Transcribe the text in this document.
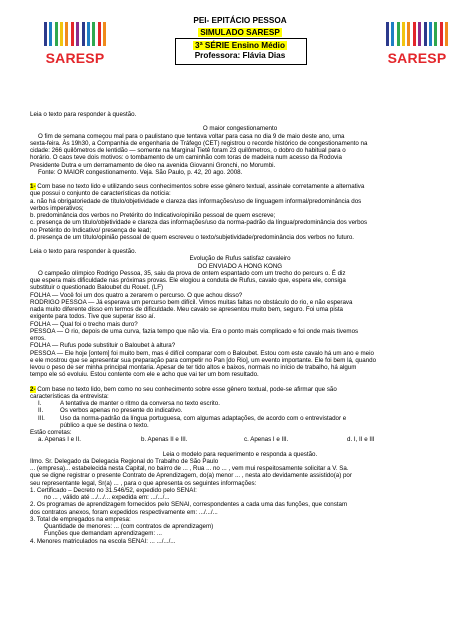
SARESP	SARESP
PEI- EPITÁCIO PESSOA
SIMULADO SARESP
3ª SÉRIE Ensino Médio
Professora: Flávia Dias
Leia o texto para responder à questão.
O maior congestionamento
O fim de semana começou mal para o paulistano que tentava voltar para casa no dia 9 de maio deste ano, uma
sexta-feira. Às 19h30, a Companhia de engenharia de Tráfego (CET) registrou o recorde histórico de congestionamento na
cidade: 266 quilômetros de lentidão — somente na Marginal Tietê foram 23 quilômetros, o dobro do habitual para o
horário. O caos teve dois motivos: o tombamento de um caminhão com toras de madeira num acesso da Rodovia
Presidente Dutra e um derramamento de óleo na avenida Giovanni Gronchi, no Morumbi.
Fonte: O MAIOR congestionamento. Veja. São Paulo, p. 42, 20 ago. 2008.
1- Com base no texto lido e utilizando seus conhecimentos sobre esse gênero textual, assinale corretamente a alternativa
que possui o conjunto de características da notícia:
a. não há obrigatoriedade de título/objetividade e clareza das informações/uso de linguagem informal/predominância dos
verbos imperativos;
b. predominância dos verbos no Pretérito do Indicativo/opinião pessoal de quem escreve;
c. presença de um título/objetividade e clareza das informações/uso da norma-padrão da língua/predominância dos verbos
no Pretérito do Indicativo/ presença de lead;
d. presença de um título/opinião pessoal de quem escreveu o texto/subjetividade/predominância dos verbos no futuro.
Leia o texto para responder à questão.
Evolução de Rufus satisfaz cavaleiro
DO ENVIADO A HONG KONG
O campeão olímpico Rodrigo Pessoa, 35, saiu da prova de ontem espantado com um trecho do percurs o. É diz
que espera mais dificuldade nas próximas provas. Ele elogiou a conduta de Rufus, cavalo que, espera ele, consiga
substituir o questionado Baloubet du Rouet. (LF)
FOLHA — Você foi um dos quatro a zerarem o percurso. O que achou disso?
RODRIGO PESSOA — Já esperava um percurso bem difícil. Vimos muitas faltas no obstáculo do rio, e não esperava
nada muito diferente disso em termos de dificuldade. Meu cavalo se apresentou muito bem, seguro. Foi uma pista
exigente para todos. Tive que superar isso aí.
FOLHA — Qual foi o trecho mais duro?
PESSOA — O rio, depois de uma curva, fazia tempo que não via. Era o ponto mais complicado e foi onde mais tivemos
erros.
FOLHA — Rufus pode substituir o Baloubet à altura?
PESSOA — Ele hoje [ontem] foi muito bem, mas é difícil comparar com o Baloubet. Estou com este cavalo há um ano e meio
e ele mostrou que se apresentar sua preparação para competir no Pan [do Rio], um evento importante. Ele foi bem lá, quando
levou o peso de ser minha principal montaria. Apesar de ter tido altos e baixos, normais no início de trabalho, há algum
tempo ele só evoluiu. Estou contente com ele e acho que vai ter um bom resultado.
2- Com base no texto lido, bem como no seu conhecimento sobre esse gênero textual, pode-se afirmar que são
características da entrevista:
I.	A tentativa de manter o ritmo da conversa no texto escrito.
II.	Os verbos apenas no presente do indicativo.
III. Uso da norma-padrão da língua portuguesa, com algumas adaptações, de acordo com o entrevistador e
público a que se destina o texto.
Estão corretas:
a. Apenas I e II.	b. Apenas II e III.	c. Apenas I e III.	d. I, II e III
Leia o modelo para requerimento e responda a questão.
Ilmo. Sr. Delegado da Delegacia Regional do Trabalho de São Paulo
... (empresa)... estabelecida nesta Capital, no bairro de ... , Rua ... no ... , vem mui respeitosamente solicitar a V. Sa.
que se digne registrar o presente Contrato de Aprendizagem, do(a) menor ... , nesta ato devidamente assistido(a) por
seu representante legal, Sr(a) ... , para o que apresenta os seguintes informações:
1. Certificado – Decreto no 31.546/52, expedido pelo SENAI:
no ... , válido até .../.../... expedida em: .../.../...
2. Os programas de aprendizagem fornecidos pelo SENAI, correspondentes a cada uma das funções, que constam
dos contratos anexos, foram expedidos respectivamente em: .../.../...
3. Total de empregados na empresa:
Quantidade de menores: ... (com contratos de aprendizagem)
Funções que demandam aprendizagem: ...
4. Menores matriculados na escola SENAI: ... .../.../...
